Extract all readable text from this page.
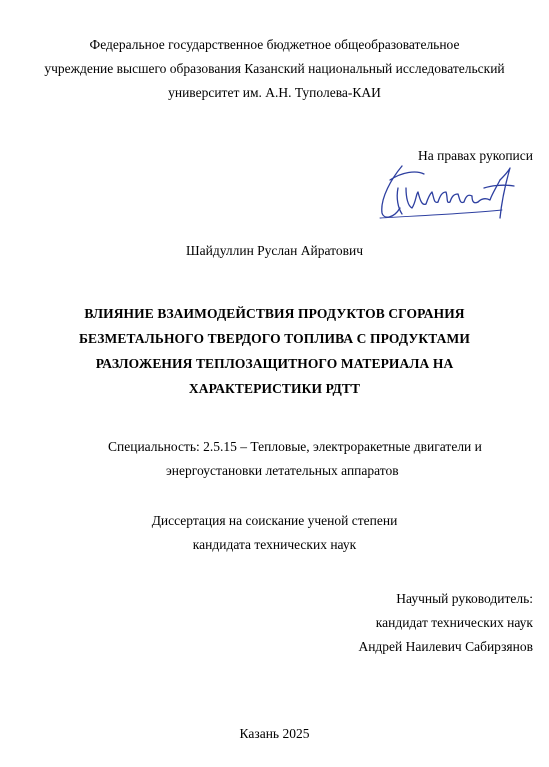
Федеральное государственное бюджетное общеобразовательное
учреждение высшего образования Казанский национальный исследовательский
университет им. А.Н. Туполева-КАИ
На правах рукописи
Шайдуллин Руслан Айратович
ВЛИЯНИЕ ВЗАИМОДЕЙСТВИЯ ПРОДУКТОВ СГОРАНИЯ
БЕЗМЕТАЛЬНОГО ТВЕРДОГО ТОПЛИВА С ПРОДУКТАМИ
РАЗЛОЖЕНИЯ ТЕПЛОЗАЩИТНОГО МАТЕРИАЛА НА
ХАРАКТЕРИСТИКИ РДТТ
Специальность: 2.5.15 – Тепловые, электроракетные двигатели и
энергоустановки летательных аппаратов
Диссертация на соискание ученой степени
кандидата технических наук
Научный руководитель:
кандидат технических наук
Андрей Наилевич Сабирзянов
Казань 2025
